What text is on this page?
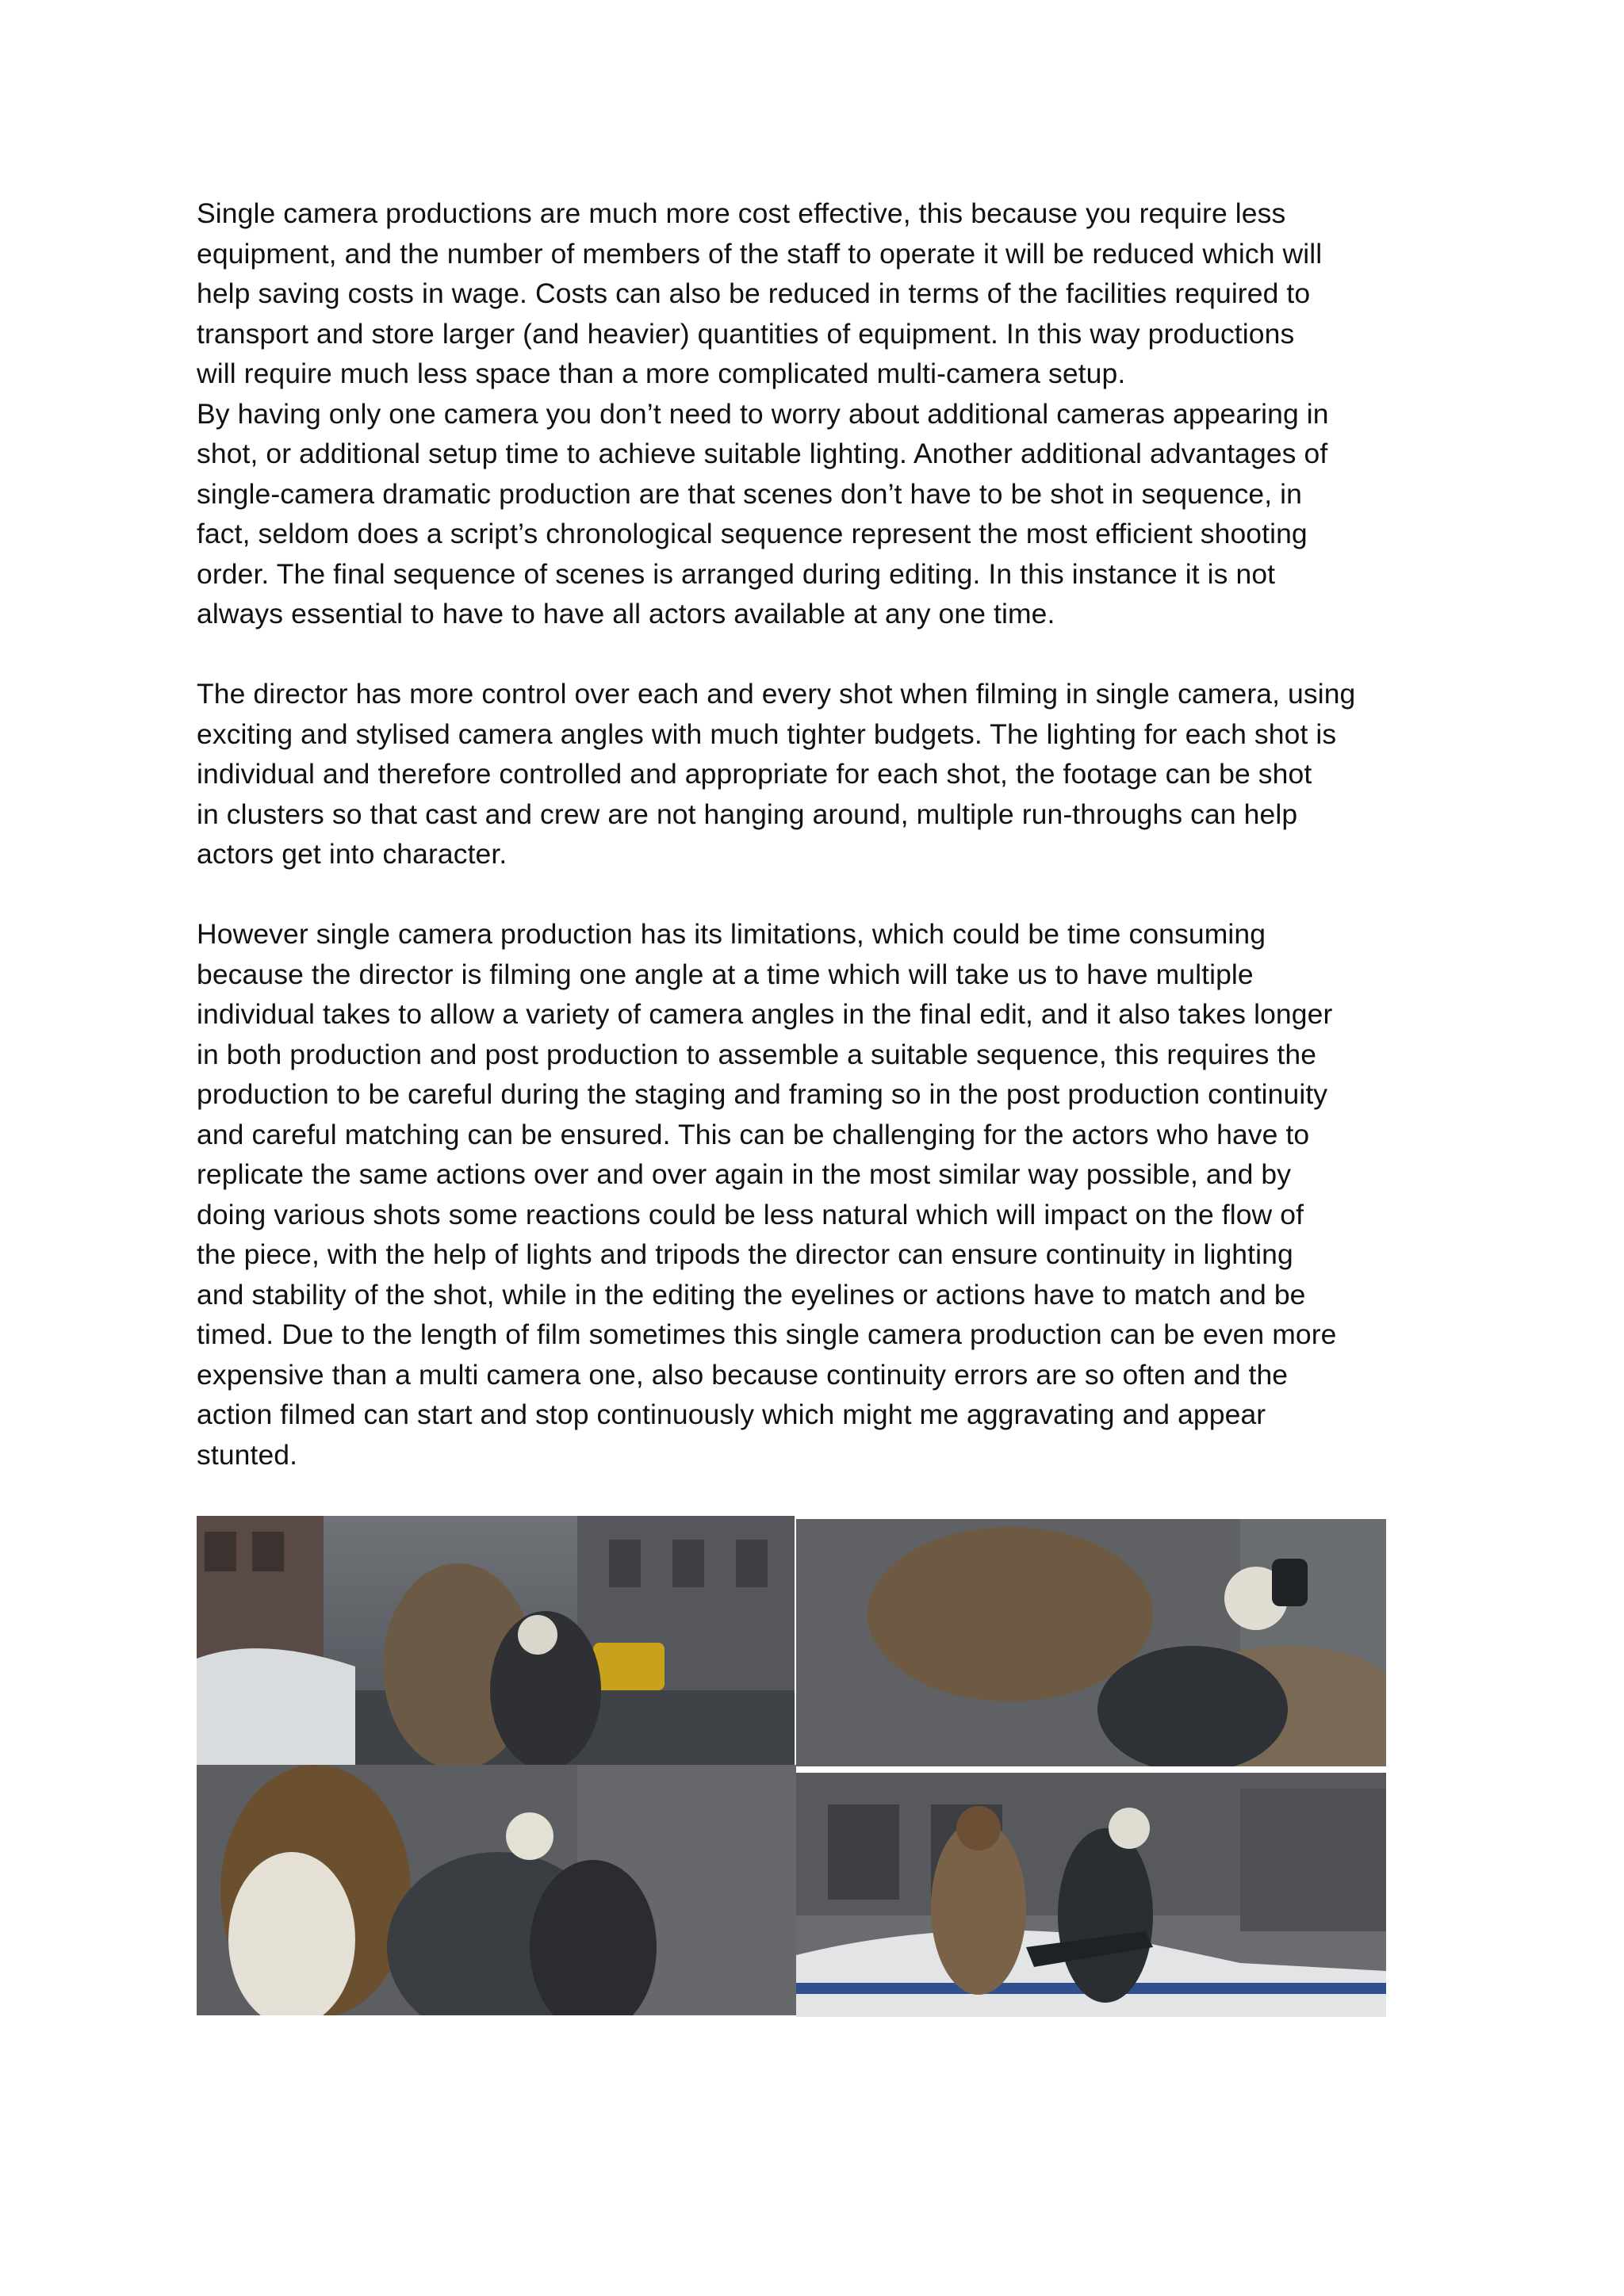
Single camera productions are much more cost effective, this because you require less
equipment, and the number of members of the staff to operate it will be reduced which will
help saving costs in wage. Costs can also be reduced in terms of the facilities required to
transport and store larger (and heavier) quantities of equipment. In this way productions
will require much less space than a more complicated multi-camera setup.

By having only one camera you don’t need to worry about additional cameras appearing in
shot, or additional setup time to achieve suitable lighting. Another additional advantages of
single-camera dramatic production are that scenes don’t have to be shot in sequence, in
fact, seldom does a script’s chronological sequence represent the most efficient shooting
order. The final sequence of scenes is arranged during editing. In this instance it is not
always essential to have to have all actors available at any one time.

The director has more control over each and every shot when filming in single camera, using
exciting and stylised camera angles with much tighter budgets. The lighting for each shot is
individual and therefore controlled and appropriate for each shot, the footage can be shot
in clusters so that cast and crew are not hanging around, multiple run-throughs can help
actors get into character.

However single camera production has its limitations, which could be time consuming
because the director is filming one angle at a time which will take us to have multiple
individual takes to allow a variety of camera angles in the final edit, and it also takes longer
in both production and post production to assemble a suitable sequence, this requires the
production to be careful during the staging and framing so in the post production continuity
and careful matching can be ensured. This can be challenging for the actors who have to
replicate the same actions over and over again in the most similar way possible, and by
doing various shots some reactions could be less natural which will impact on the flow of
the piece, with the help of lights and tripods the director can ensure continuity in lighting
and stability of the shot, while in the editing the eyelines or actions have to match and be
timed. Due to the length of film sometimes this single camera production can be even more
expensive than a multi camera one, also because continuity errors are so often and the
action filmed can start and stop continuously which might me aggravating and appear
stunted.
